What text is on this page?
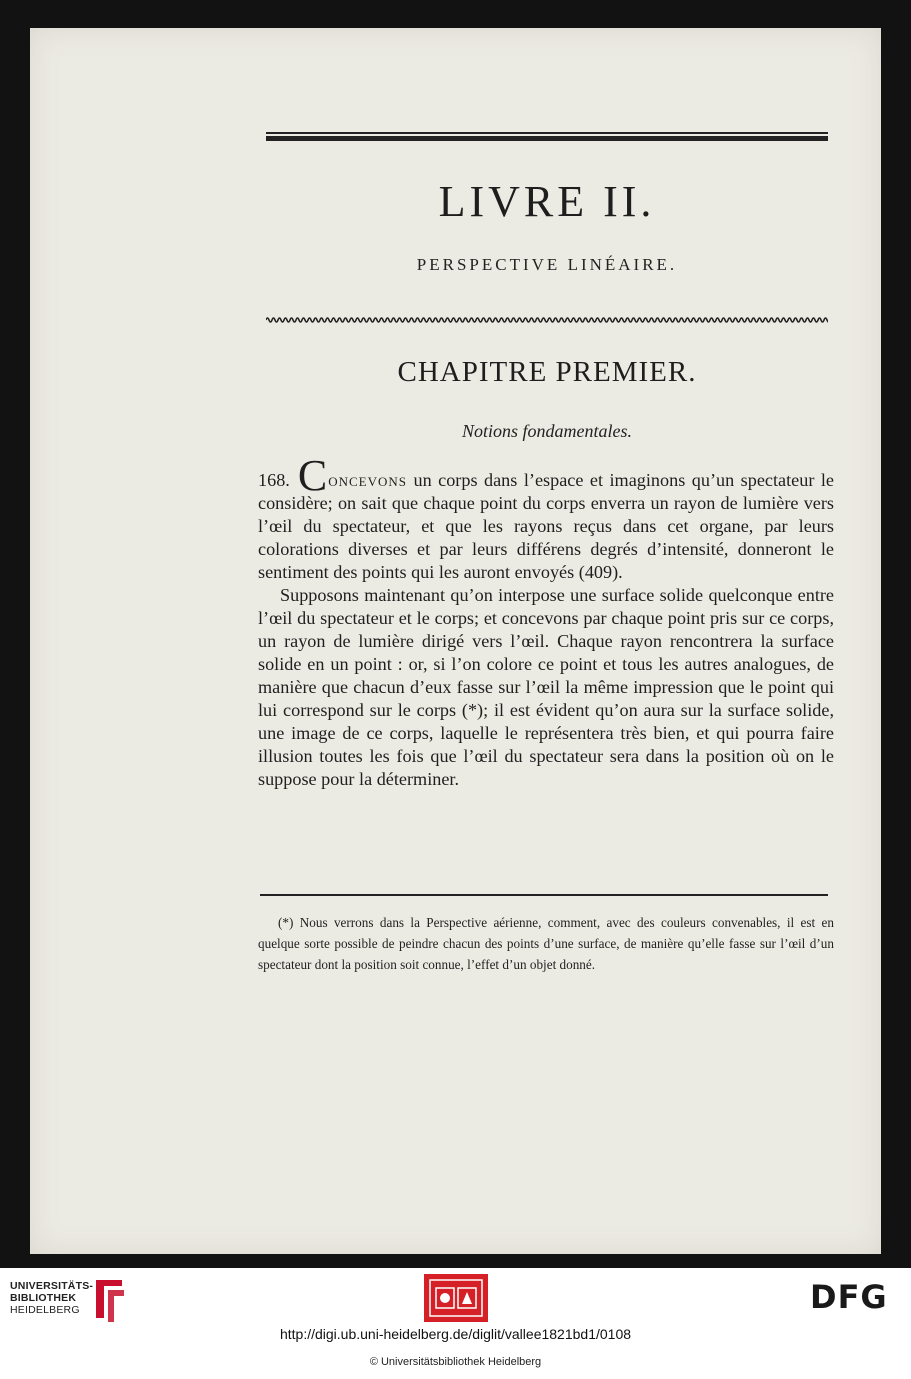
LIVRE II.
PERSPECTIVE LINÉAIRE.
CHAPITRE PREMIER.
Notions fondamentales.

168. Concevons un corps dans l’espace et imaginons qu’un spectateur le considère; on sait que chaque point du corps enverra un rayon de lumière vers l’œil du spectateur, et que les rayons reçus dans cet organe, par leurs colorations diverses et par leurs différens degrés d’intensité, donneront le sentiment des points qui les auront envoyés (409).

Supposons maintenant qu’on interpose une surface solide quelconque entre l’œil du spectateur et le corps; et concevons par chaque point pris sur ce corps, un rayon de lumière dirigé vers l’œil. Chaque rayon rencontrera la surface solide en un point : or, si l’on colore ce point et tous les autres analogues, de manière que chacun d’eux fasse sur l’œil la même impression que le point qui lui correspond sur le corps (*); il est évident qu’on aura sur la surface solide, une image de ce corps, laquelle le représentera très bien, et qui pourra faire illusion toutes les fois que l’œil du spectateur sera dans la position où on le suppose pour la déterminer.

(*) Nous verrons dans la Perspective aérienne, comment, avec des couleurs convenables, il est en quelque sorte possible de peindre chacun des points d’une surface, de manière qu’elle fasse sur l’œil d’un spectateur dont la position soit connue, l’effet d’un objet donné.

UNIVERSITÄTS-
BIBLIOTHEK
HEIDELBERG	DFG
http://digi.ub.uni-heidelberg.de/diglit/vallee1821bd1/0108
© Universitätsbibliothek Heidelberg
